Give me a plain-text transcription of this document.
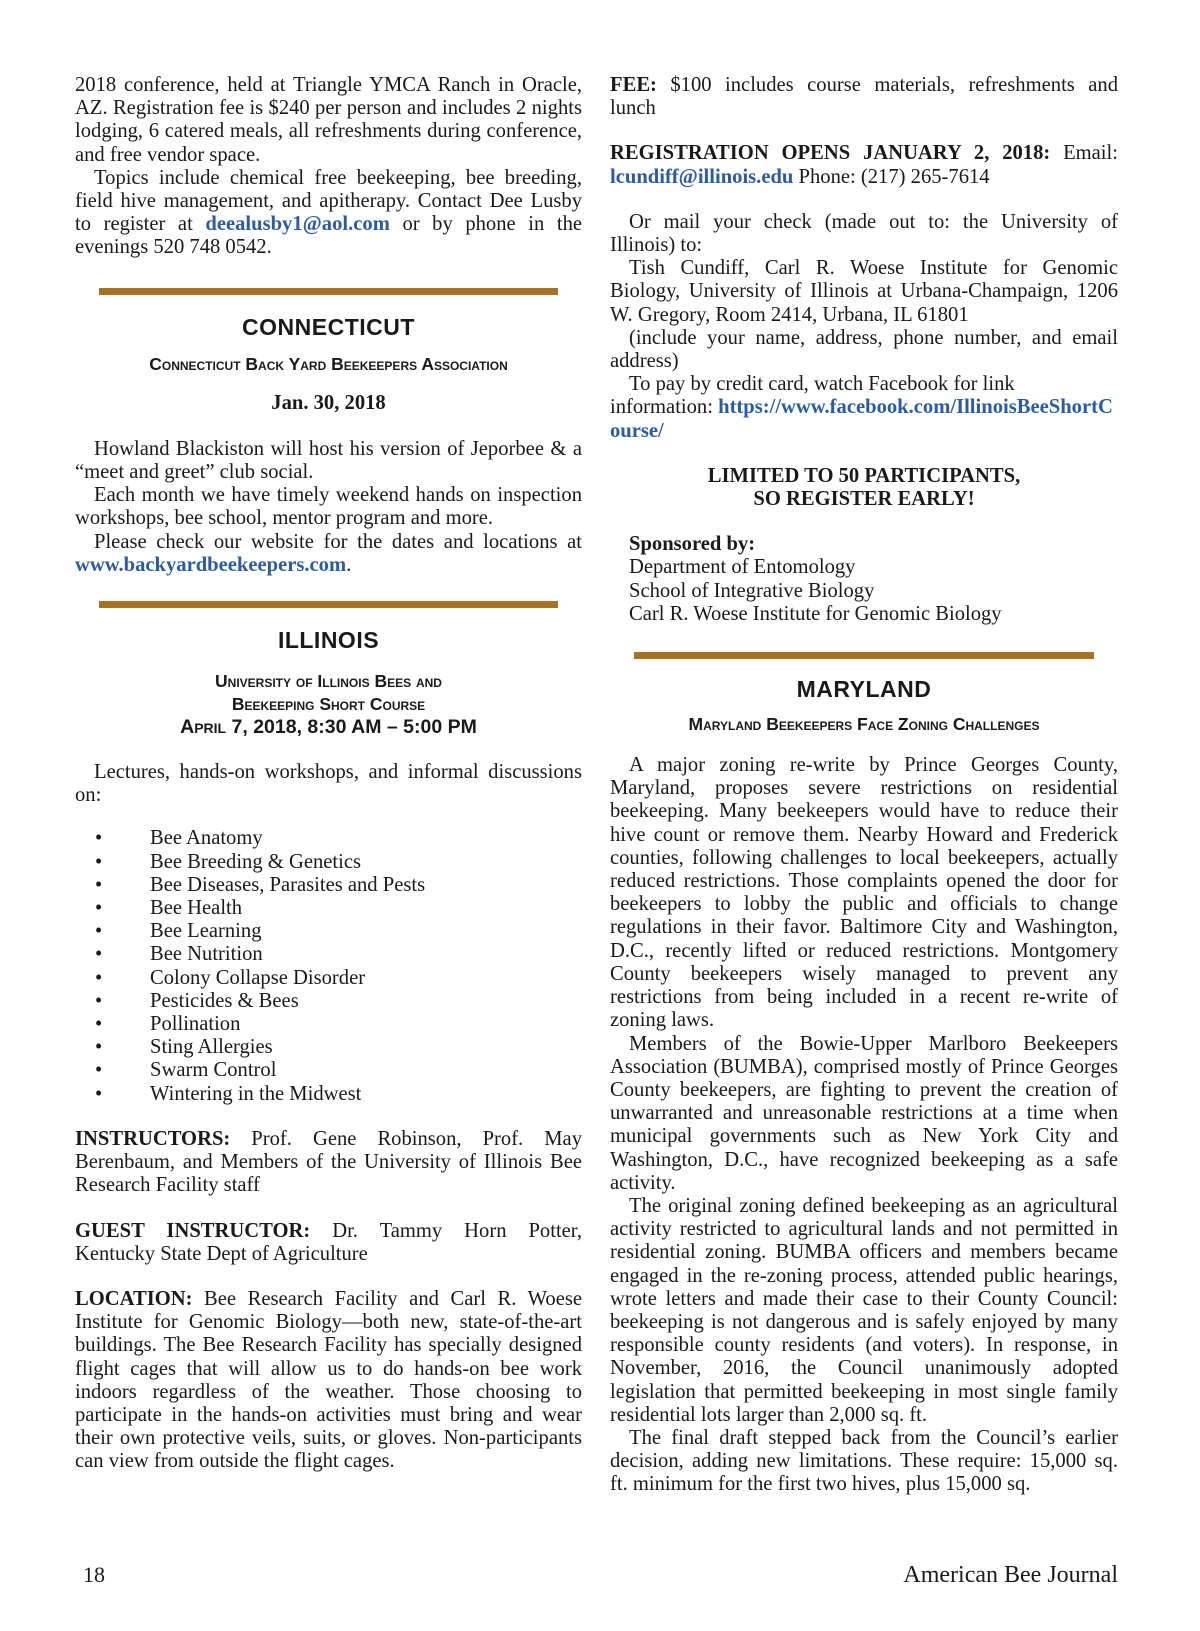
2018 conference, held at Triangle YMCA Ranch in Oracle, AZ. Registration fee is $240 per person and includes 2 nights lodging, 6 catered meals, all refreshments during conference, and free vendor space.

Topics include chemical free beekeeping, bee breeding, field hive management, and apitherapy. Contact Dee Lusby to register at deealusby1@aol.com or by phone in the evenings 520 748 0542.

CONNECTICUT
Connecticut Back Yard Beekeepers Association
Jan. 30, 2018

Howland Blackiston will host his version of Jeporbee & a “meet and greet” club social.

Each month we have timely weekend hands on inspection workshops, bee school, mentor program and more.

Please check our website for the dates and locations at www.backyardbeekeepers.com.

ILLINOIS
University of Illinois Bees and
Beekeeping Short Course
April 7, 2018, 8:30 AM – 5:00 PM

Lectures, hands-on workshops, and informal discussions on:

• Bee Anatomy
• Bee Breeding & Genetics
• Bee Diseases, Parasites and Pests
• Bee Health
• Bee Learning
• Bee Nutrition
• Colony Collapse Disorder
• Pesticides & Bees
• Pollination
• Sting Allergies
• Swarm Control
• Wintering in the Midwest

INSTRUCTORS: Prof. Gene Robinson, Prof. May Berenbaum, and Members of the University of Illinois Bee Research Facility staff

GUEST INSTRUCTOR: Dr. Tammy Horn Potter, Kentucky State Dept of Agriculture

LOCATION: Bee Research Facility and Carl R. Woese Institute for Genomic Biology—both new, state-of-the-art buildings. The Bee Research Facility has specially designed flight cages that will allow us to do hands-on bee work indoors regardless of the weather. Those choosing to participate in the hands-on activities must bring and wear their own protective veils, suits, or gloves. Non-participants can view from outside the flight cages.

FEE: $100 includes course materials, refreshments and lunch

REGISTRATION OPENS JANUARY 2, 2018: Email: lcundiff@illinois.edu Phone: (217) 265-7614

Or mail your check (made out to: the University of Illinois) to:

Tish Cundiff, Carl R. Woese Institute for Genomic Biology, University of Illinois at Urbana-Champaign, 1206 W. Gregory, Room 2414, Urbana, IL 61801

(include your name, address, phone number, and email address)

To pay by credit card, watch Facebook for link information: https://www.facebook.com/IllinoisBeeShortCourse/

LIMITED TO 50 PARTICIPANTS,
SO REGISTER EARLY!
Sponsored by:
Department of Entomology
School of Integrative Biology
Carl R. Woese Institute for Genomic Biology
MARYLAND
Maryland Beekeepers Face Zoning Challenges

A major zoning re-write by Prince Georges County, Maryland, proposes severe restrictions on residential beekeeping. Many beekeepers would have to reduce their hive count or remove them. Nearby Howard and Frederick counties, following challenges to local beekeepers, actually reduced restrictions. Those complaints opened the door for beekeepers to lobby the public and officials to change regulations in their favor. Baltimore City and Washington, D.C., recently lifted or reduced restrictions. Montgomery County beekeepers wisely managed to prevent any restrictions from being included in a recent re-write of zoning laws.

Members of the Bowie-Upper Marlboro Beekeepers Association (BUMBA), comprised mostly of Prince Georges County beekeepers, are fighting to prevent the creation of unwarranted and unreasonable restrictions at a time when municipal governments such as New York City and Washington, D.C., have recognized beekeeping as a safe activity.

The original zoning defined beekeeping as an agricultural activity restricted to agricultural lands and not permitted in residential zoning. BUMBA officers and members became engaged in the re-zoning process, attended public hearings, wrote letters and made their case to their County Council: beekeeping is not dangerous and is safely enjoyed by many responsible county residents (and voters). In response, in November, 2016, the Council unanimously adopted legislation that permitted beekeeping in most single family residential lots larger than 2,000 sq. ft.

The final draft stepped back from the Council’s earlier decision, adding new limitations. These require: 15,000 sq. ft. minimum for the first two hives, plus 15,000 sq.

18	American Bee Journal
